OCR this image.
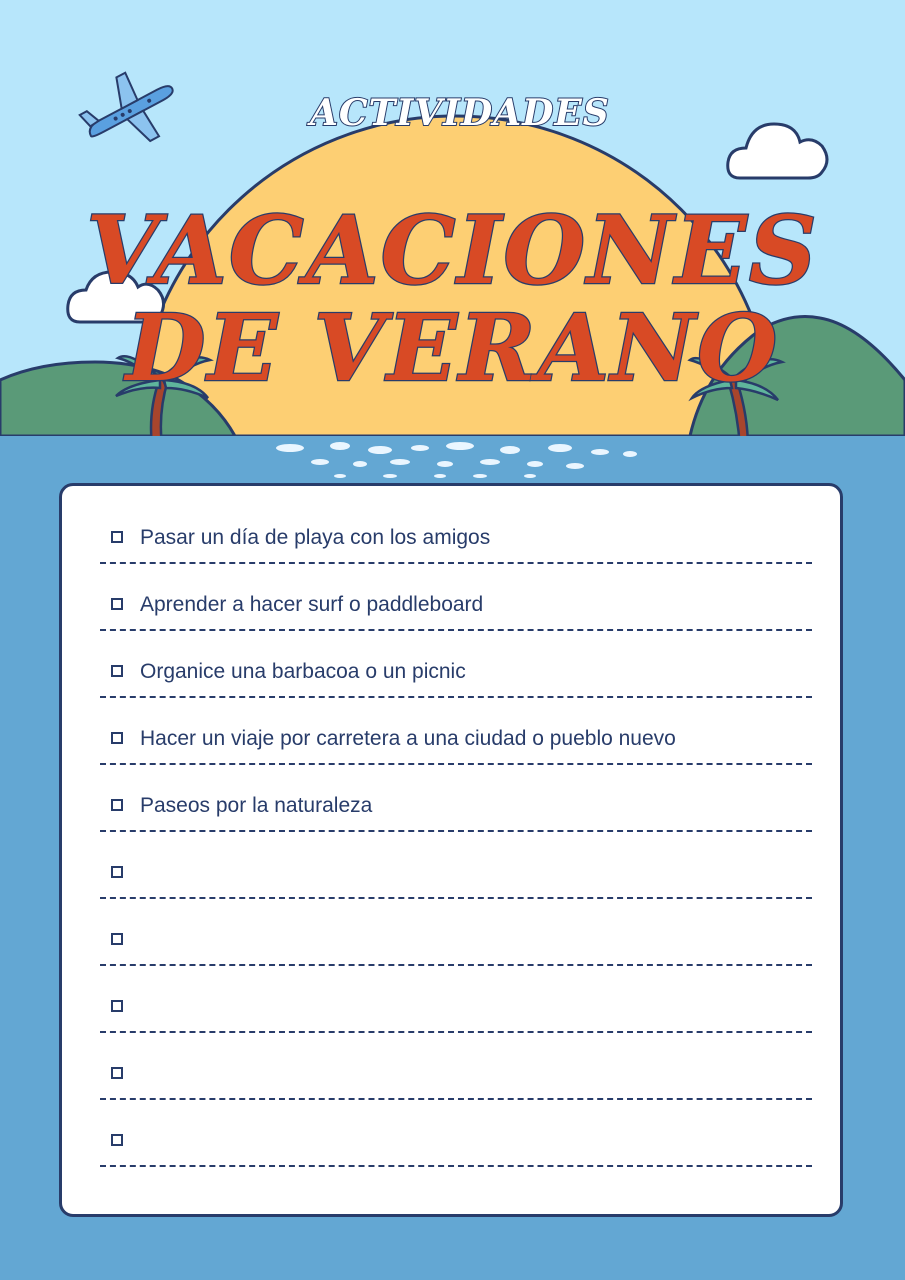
ACTIVIDADES
VACACIONES
DE VERANO
Pasar un día de playa con los amigos
Aprender a hacer surf o paddleboard
Organice una barbacoa o un picnic
Hacer un viaje por carretera a una ciudad o pueblo nuevo
Paseos por la naturaleza
